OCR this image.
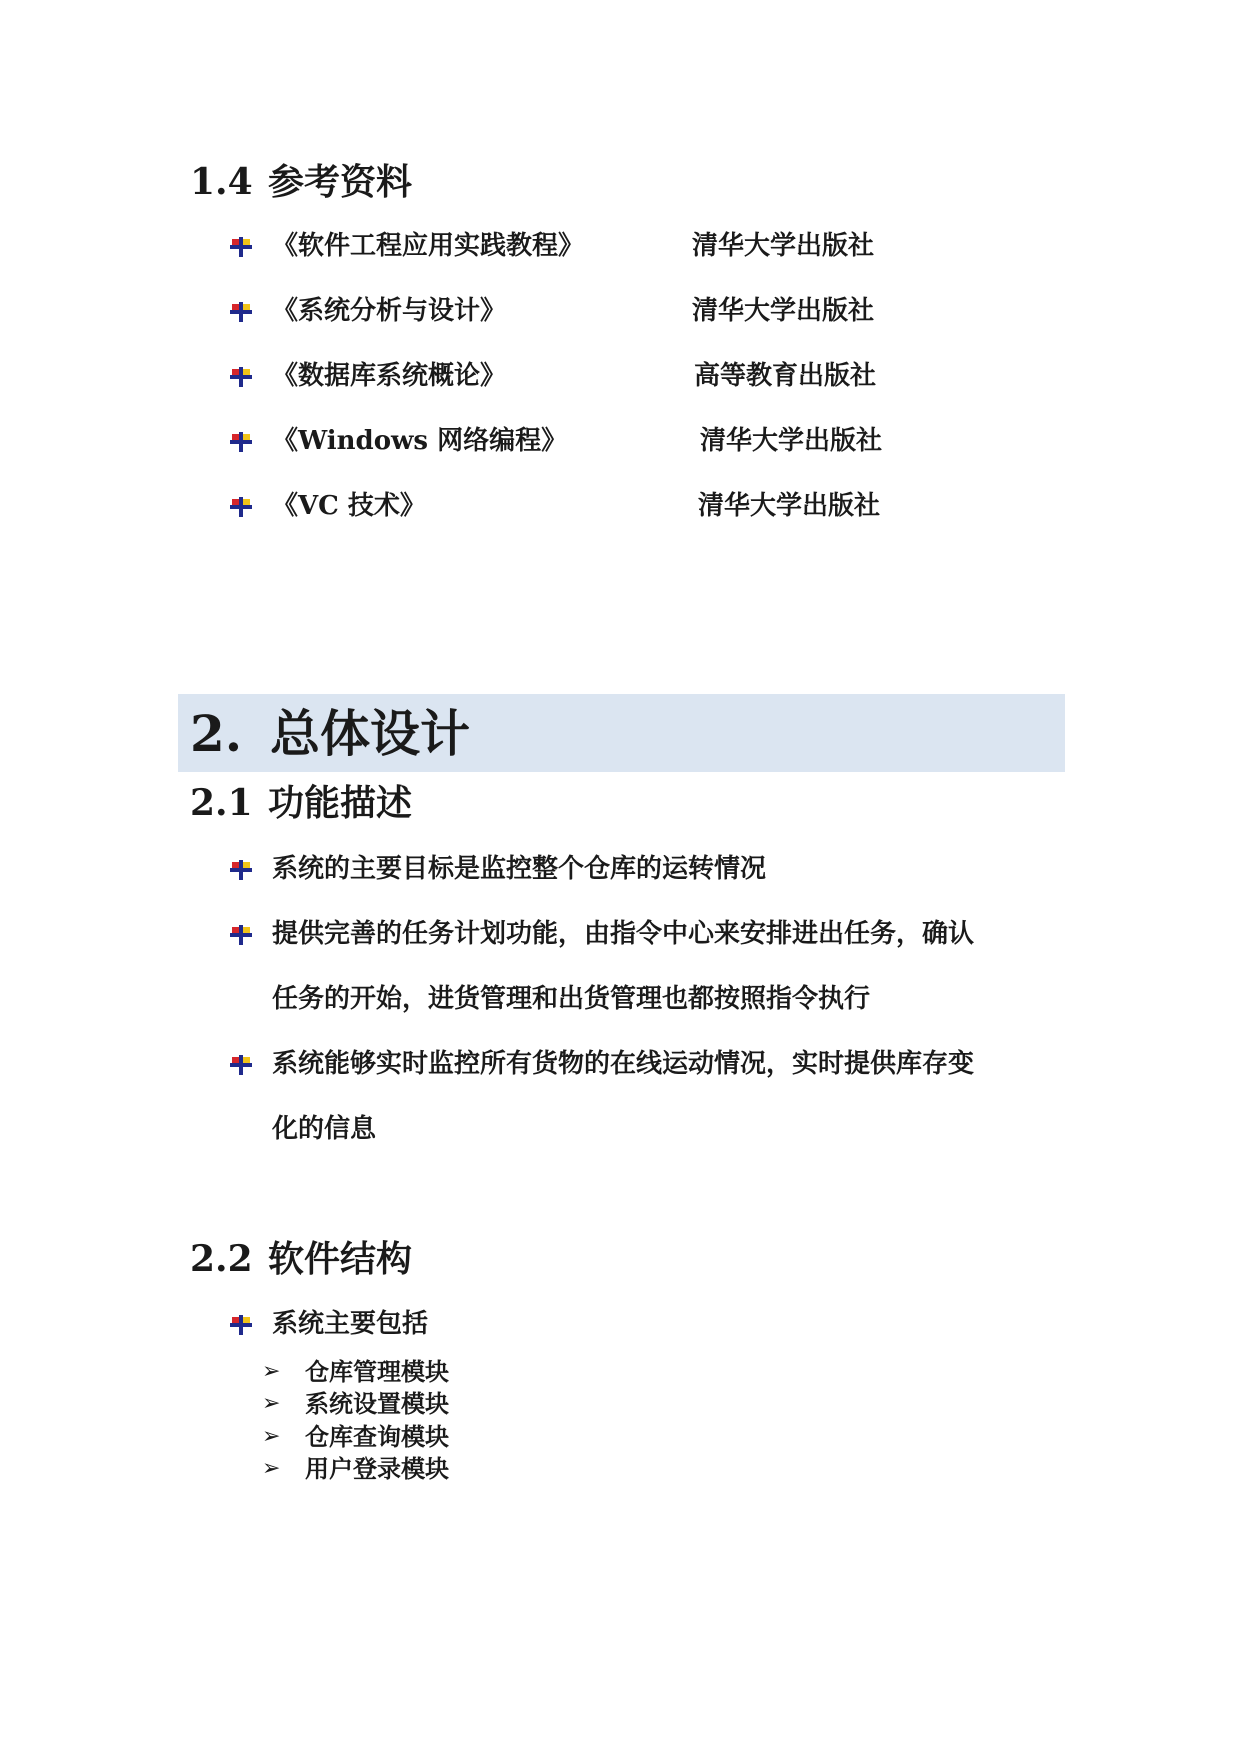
1.4 参考资料
《软件工程应用实践教程》	清华大学出版社
《系统分析与设计》	清华大学出版社
《数据库系统概论》	高等教育出版社
《Windows 网络编程》	清华大学出版社
《VC 技术》	清华大学出版社
2. 总体设计
2.1 功能描述
系统的主要目标是监控整个仓库的运转情况
提供完善的任务计划功能，由指令中心来安排进出任务，确认
任务的开始，进货管理和出货管理也都按照指令执行
系统能够实时监控所有货物的在线运动情况，实时提供库存变
化的信息
2.2 软件结构
系统主要包括
➢ 仓库管理模块
➢ 系统设置模块
➢ 仓库查询模块
➢ 用户登录模块
